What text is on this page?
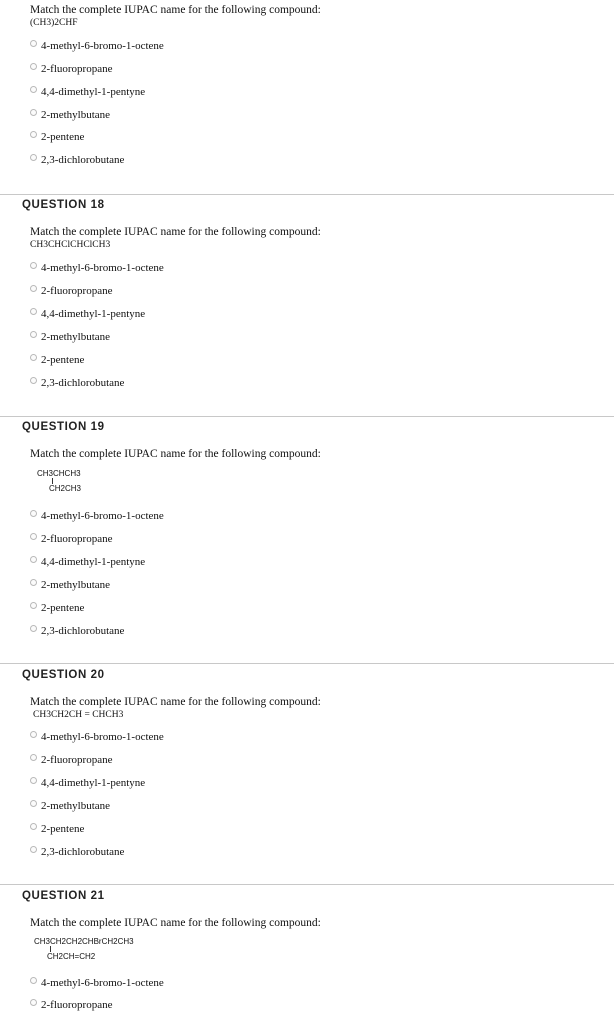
Match the complete IUPAC name for the following compound:
(CH3)2CHF
4-methyl-6-bromo-1-octene
2-fluoropropane
4,4-dimethyl-1-pentyne
2-methylbutane
2-pentene
2,3-dichlorobutane
QUESTION 18
Match the complete IUPAC name for the following compound:
CH3CHClCHClCH3
4-methyl-6-bromo-1-octene
2-fluoropropane
4,4-dimethyl-1-pentyne
2-methylbutane
2-pentene
2,3-dichlorobutane
QUESTION 19
Match the complete IUPAC name for the following compound:
CH3CHCH3
CH2CH3
4-methyl-6-bromo-1-octene
2-fluoropropane
4,4-dimethyl-1-pentyne
2-methylbutane
2-pentene
2,3-dichlorobutane
QUESTION 20
Match the complete IUPAC name for the following compound:
CH3CH2CH = CHCH3
4-methyl-6-bromo-1-octene
2-fluoropropane
4,4-dimethyl-1-pentyne
2-methylbutane
2-pentene
2,3-dichlorobutane
QUESTION 21
Match the complete IUPAC name for the following compound:
CH3CH2CH2CHBrCH2CH3
CH2CH=CH2
4-methyl-6-bromo-1-octene
2-fluoropropane
